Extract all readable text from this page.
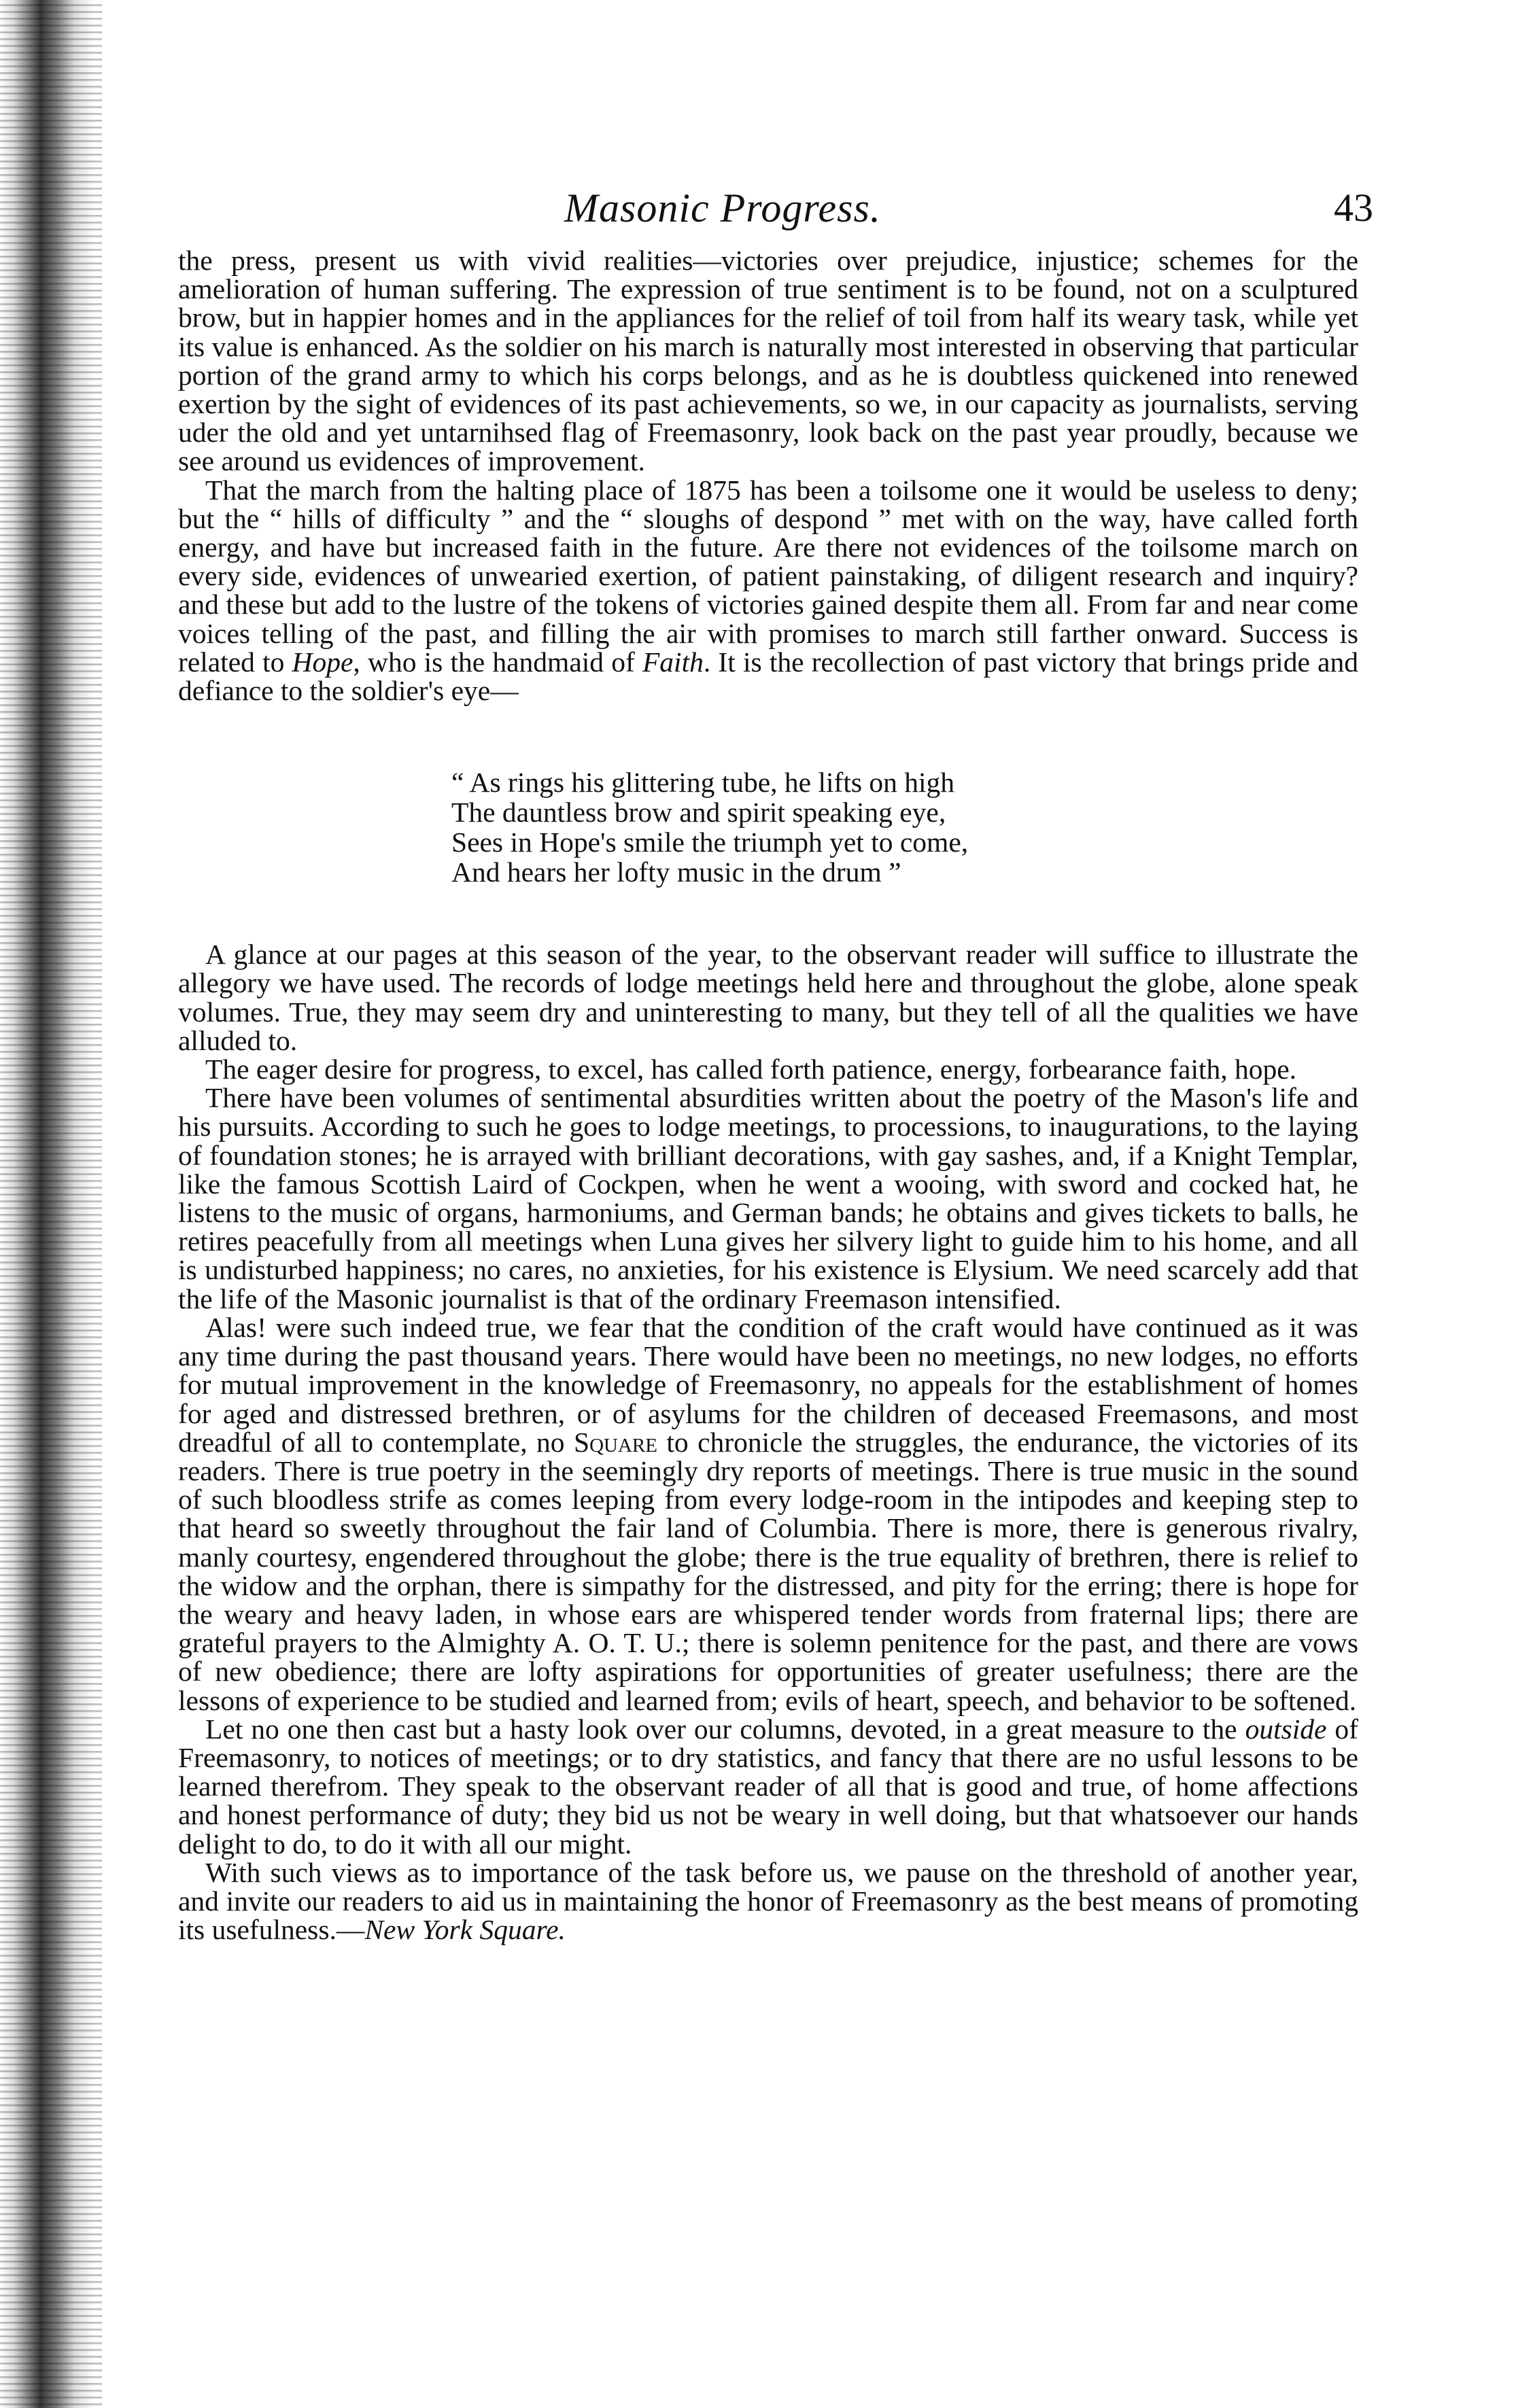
Masonic Progress.	43

the press, present us with vivid realities—victories over prejudice, injustice; schemes for the amelioration of human suffering. The expression of true sentiment is to be found, not on a sculptured brow, but in happier homes and in the appliances for the relief of toil from half its weary task, while yet its value is enhanced. As the soldier on his march is naturally most interested in observing that particular portion of the grand army to which his corps belongs, and as he is doubtless quickened into renewed exertion by the sight of evidences of its past achievements, so we, in our capacity as journalists, serving uder the old and yet untarnihsed flag of Freemasonry, look back on the past year proudly, because we see around us evidences of improvement.

That the march from the halting place of 1875 has been a toilsome one it would be useless to deny; but the “ hills of difficulty ” and the “ sloughs of despond ” met with on the way, have called forth energy, and have but increased faith in the future. Are there not evidences of the toilsome march on every side, evidences of unwearied exertion, of patient painstaking, of diligent research and inquiry? and these but add to the lustre of the tokens of victories gained despite them all. From far and near come voices telling of the past, and filling the air with promises to march still farther onward. Success is related to Hope, who is the handmaid of Faith. It is the recollection of past victory that brings pride and defiance to the soldier's eye—

“ As rings his glittering tube, he lifts on high
The dauntless brow and spirit speaking eye,
Sees in Hope's smile the triumph yet to come,
And hears her lofty music in the drum ”

A glance at our pages at this season of the year, to the observant reader will suffice to illustrate the allegory we have used. The records of lodge meetings held here and throughout the globe, alone speak volumes. True, they may seem dry and uninteresting to many, but they tell of all the qualities we have alluded to.

The eager desire for progress, to excel, has called forth patience, energy, forbearance faith, hope.

There have been volumes of sentimental absurdities written about the poetry of the Mason's life and his pursuits. According to such he goes to lodge meetings, to processions, to inaugurations, to the laying of foundation stones; he is arrayed with brilliant decorations, with gay sashes, and, if a Knight Templar, like the famous Scottish Laird of Cockpen, when he went a wooing, with sword and cocked hat, he listens to the music of organs, harmoniums, and German bands; he obtains and gives tickets to balls, he retires peacefully from all meetings when Luna gives her silvery light to guide him to his home, and all is undisturbed happiness; no cares, no anxieties, for his existence is Elysium. We need scarcely add that the life of the Masonic journalist is that of the ordinary Freemason intensified.

Alas! were such indeed true, we fear that the condition of the craft would have continued as it was any time during the past thousand years. There would have been no meetings, no new lodges, no efforts for mutual improvement in the knowledge of Freemasonry, no appeals for the establishment of homes for aged and distressed brethren, or of asylums for the children of deceased Freemasons, and most dreadful of all to contemplate, no Square to chronicle the struggles, the endurance, the victories of its readers. There is true poetry in the seemingly dry reports of meetings. There is true music in the sound of such bloodless strife as comes leeping from every lodge-room in the intipodes and keeping step to that heard so sweetly throughout the fair land of Columbia. There is more, there is generous rivalry, manly courtesy, engendered throughout the globe; there is the true equality of brethren, there is relief to the widow and the orphan, there is simpathy for the distressed, and pity for the erring; there is hope for the weary and heavy laden, in whose ears are whispered tender words from fraternal lips; there are grateful prayers to the Almighty A. O. T. U.; there is solemn penitence for the past, and there are vows of new obedience; there are lofty aspirations for opportunities of greater usefulness; there are the lessons of experience to be studied and learned from; evils of heart, speech, and behavior to be softened.

Let no one then cast but a hasty look over our columns, devoted, in a great measure to the outside of Freemasonry, to notices of meetings; or to dry statistics, and fancy that there are no usful lessons to be learned therefrom. They speak to the observant reader of all that is good and true, of home affections and honest performance of duty; they bid us not be weary in well doing, but that whatsoever our hands delight to do, to do it with all our might.

With such views as to importance of the task before us, we pause on the threshold of another year, and invite our readers to aid us in maintaining the honor of Freemasonry as the best means of promoting its usefulness.—New York Square.
